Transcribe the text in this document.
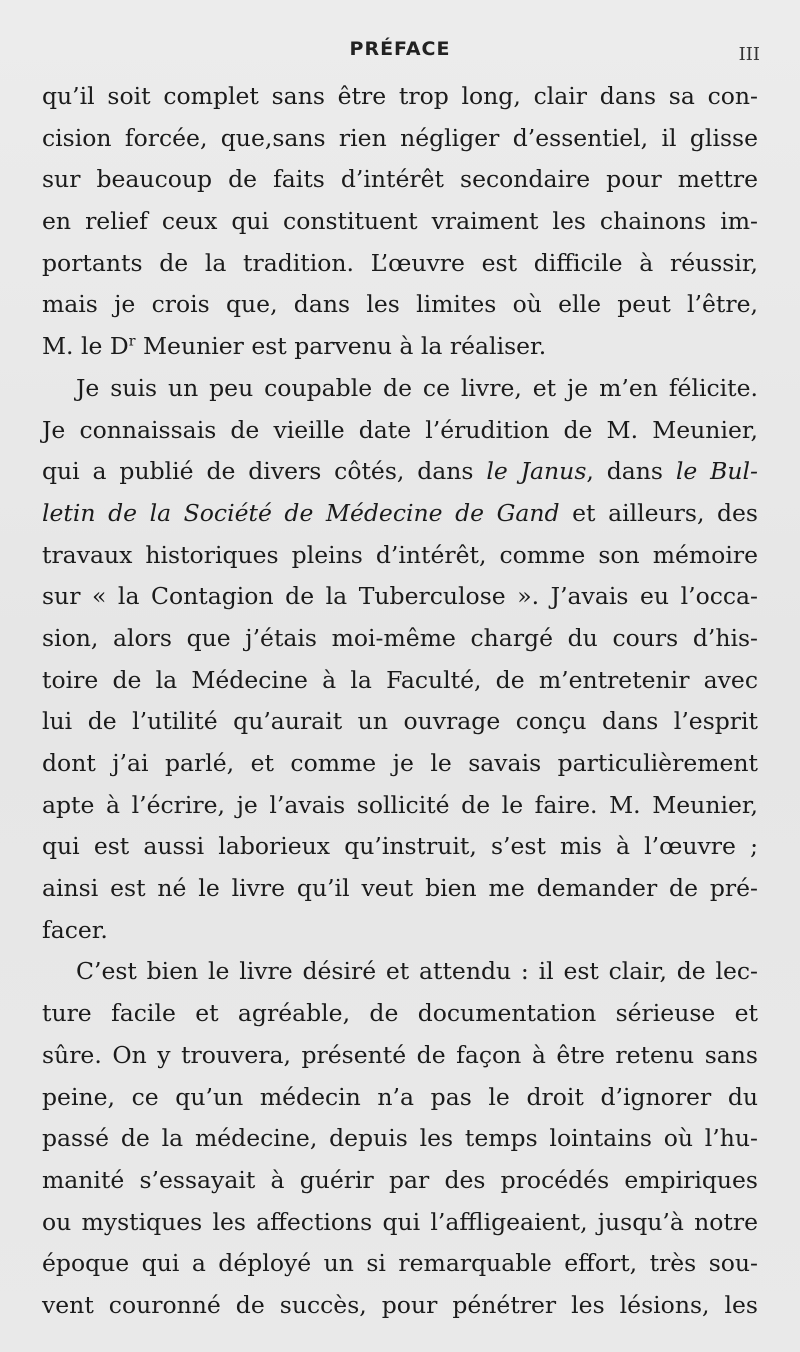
PRÉFACE	III
qu’il soit complet sans être trop long, clair dans sa con-
cision forcée, que,sans rien négliger d’essentiel, il glisse
sur beaucoup de faits d’intérêt secondaire pour mettre
en relief ceux qui constituent vraiment les chainons im-
portants de la tradition. L’œuvre est difficile à réussir,
mais je crois que, dans les limites où elle peut l’être,
M. le $D^r$ Meunier est parvenu à la réaliser.
Je suis un peu coupable de ce livre, et je m’en félicite.
Je connaissais de vieille date l’érudition de M. Meunier,
qui a publié de divers côtés, dans le Janus, dans le Bul-
letin de la Société de Médecine de Gand et ailleurs, des
travaux historiques pleins d’intérêt, comme son mémoire
sur « la Contagion de la Tuberculose ». J’avais eu l’occa-
sion, alors que j’étais moi-même chargé du cours d’his-
toire de la Médecine à la Faculté, de m’entretenir avec
lui de l’utilité qu’aurait un ouvrage conçu dans l’esprit
dont j’ai parlé, et comme je le savais particulièrement
apte à l’écrire, je l’avais sollicité de le faire. M. Meunier,
qui est aussi laborieux qu’instruit, s’est mis à l’œuvre ;
ainsi est né le livre qu’il veut bien me demander de pré-
facer.
C’est bien le livre désiré et attendu : il est clair, de lec-
ture facile et agréable, de documentation sérieuse et
sûre. On y trouvera, présenté de façon à être retenu sans
peine, ce qu’un médecin n’a pas le droit d’ignorer du
passé de la médecine, depuis les temps lointains où l’hu-
manité s’essayait à guérir par des procédés empiriques
ou mystiques les affections qui l’affligeaient, jusqu’à notre
époque qui a déployé un si remarquable effort, très sou-
vent couronné de succès, pour pénétrer les lésions, les
